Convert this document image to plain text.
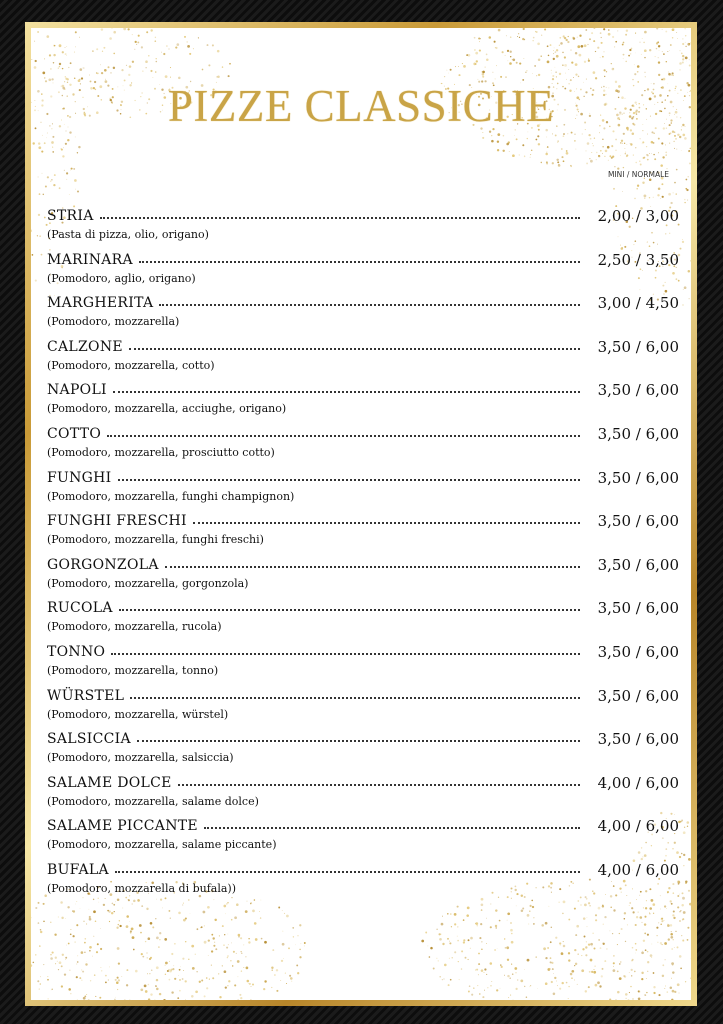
PIZZE CLASSICHE
MINI / NORMALE
STRIA	2,00 / 3,00
(Pasta di pizza, olio, origano)
MARINARA	2,50 / 3,50
(Pomodoro, aglio, origano)
MARGHERITA	3,00 / 4,50
(Pomodoro, mozzarella)
CALZONE	3,50 / 6,00
(Pomodoro, mozzarella, cotto)
NAPOLI	3,50 / 6,00
(Pomodoro, mozzarella, acciughe, origano)
COTTO	3,50 / 6,00
(Pomodoro, mozzarella, prosciutto cotto)
FUNGHI	3,50 / 6,00
(Pomodoro, mozzarella, funghi champignon)
FUNGHI FRESCHI	3,50 / 6,00
(Pomodoro, mozzarella, funghi freschi)
GORGONZOLA	3,50 / 6,00
(Pomodoro, mozzarella, gorgonzola)
RUCOLA	3,50 / 6,00
(Pomodoro, mozzarella, rucola)
TONNO	3,50 / 6,00
(Pomodoro, mozzarella, tonno)
WÜRSTEL	3,50 / 6,00
(Pomodoro, mozzarella, würstel)
SALSICCIA	3,50 / 6,00
(Pomodoro, mozzarella, salsiccia)
SALAME DOLCE	4,00 / 6,00
(Pomodoro, mozzarella, salame dolce)
SALAME PICCANTE	4,00 / 6,00
(Pomodoro, mozzarella, salame piccante)
BUFALA	4,00 / 6,00
(Pomodoro, mozzarella di bufala))
